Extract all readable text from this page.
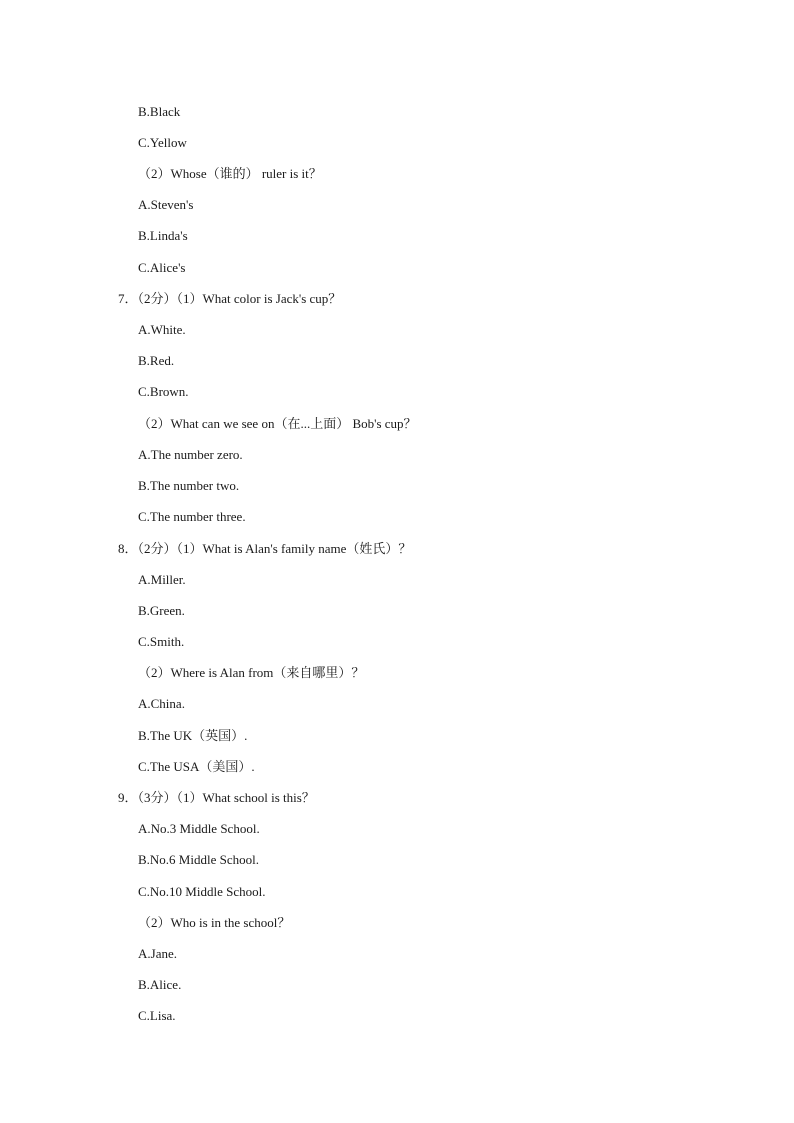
B.Black
C.Yellow
（2）Whose（谁的） ruler is it？
A.Steven's
B.Linda's
C.Alice's
7．（2分）（1）What color is Jack's cup？
A.White.
B.Red.
C.Brown.
（2）What can we see on（在...上面） Bob's cup？
A.The number zero.
B.The number two.
C.The number three.
8．（2分）（1）What is Alan's family name（姓氏）？
A.Miller.
B.Green.
C.Smith.
（2）Where is Alan from（来自哪里）？
A.China.
B.The UK（英国）.
C.The USA（美国）.
9．（3分）（1）What school is this？
A.No.3 Middle School.
B.No.6 Middle School.
C.No.10 Middle School.
（2）Who is in the school？
A.Jane.
B.Alice.
C.Lisa.
